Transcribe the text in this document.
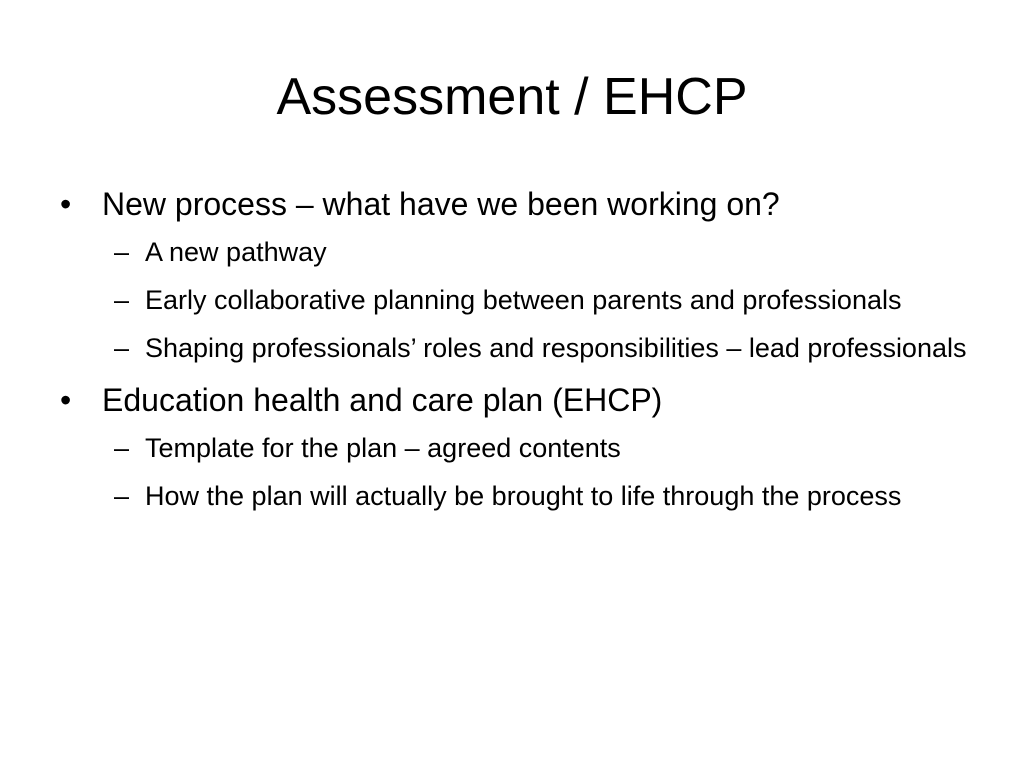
Assessment / EHCP
• New process – what have we been working on?
– A new pathway
– Early collaborative planning between parents and professionals
– Shaping professionals’ roles and responsibilities – lead professionals
• Education health and care plan (EHCP)
– Template for the plan – agreed contents
– How the plan will actually be brought to life through the process
